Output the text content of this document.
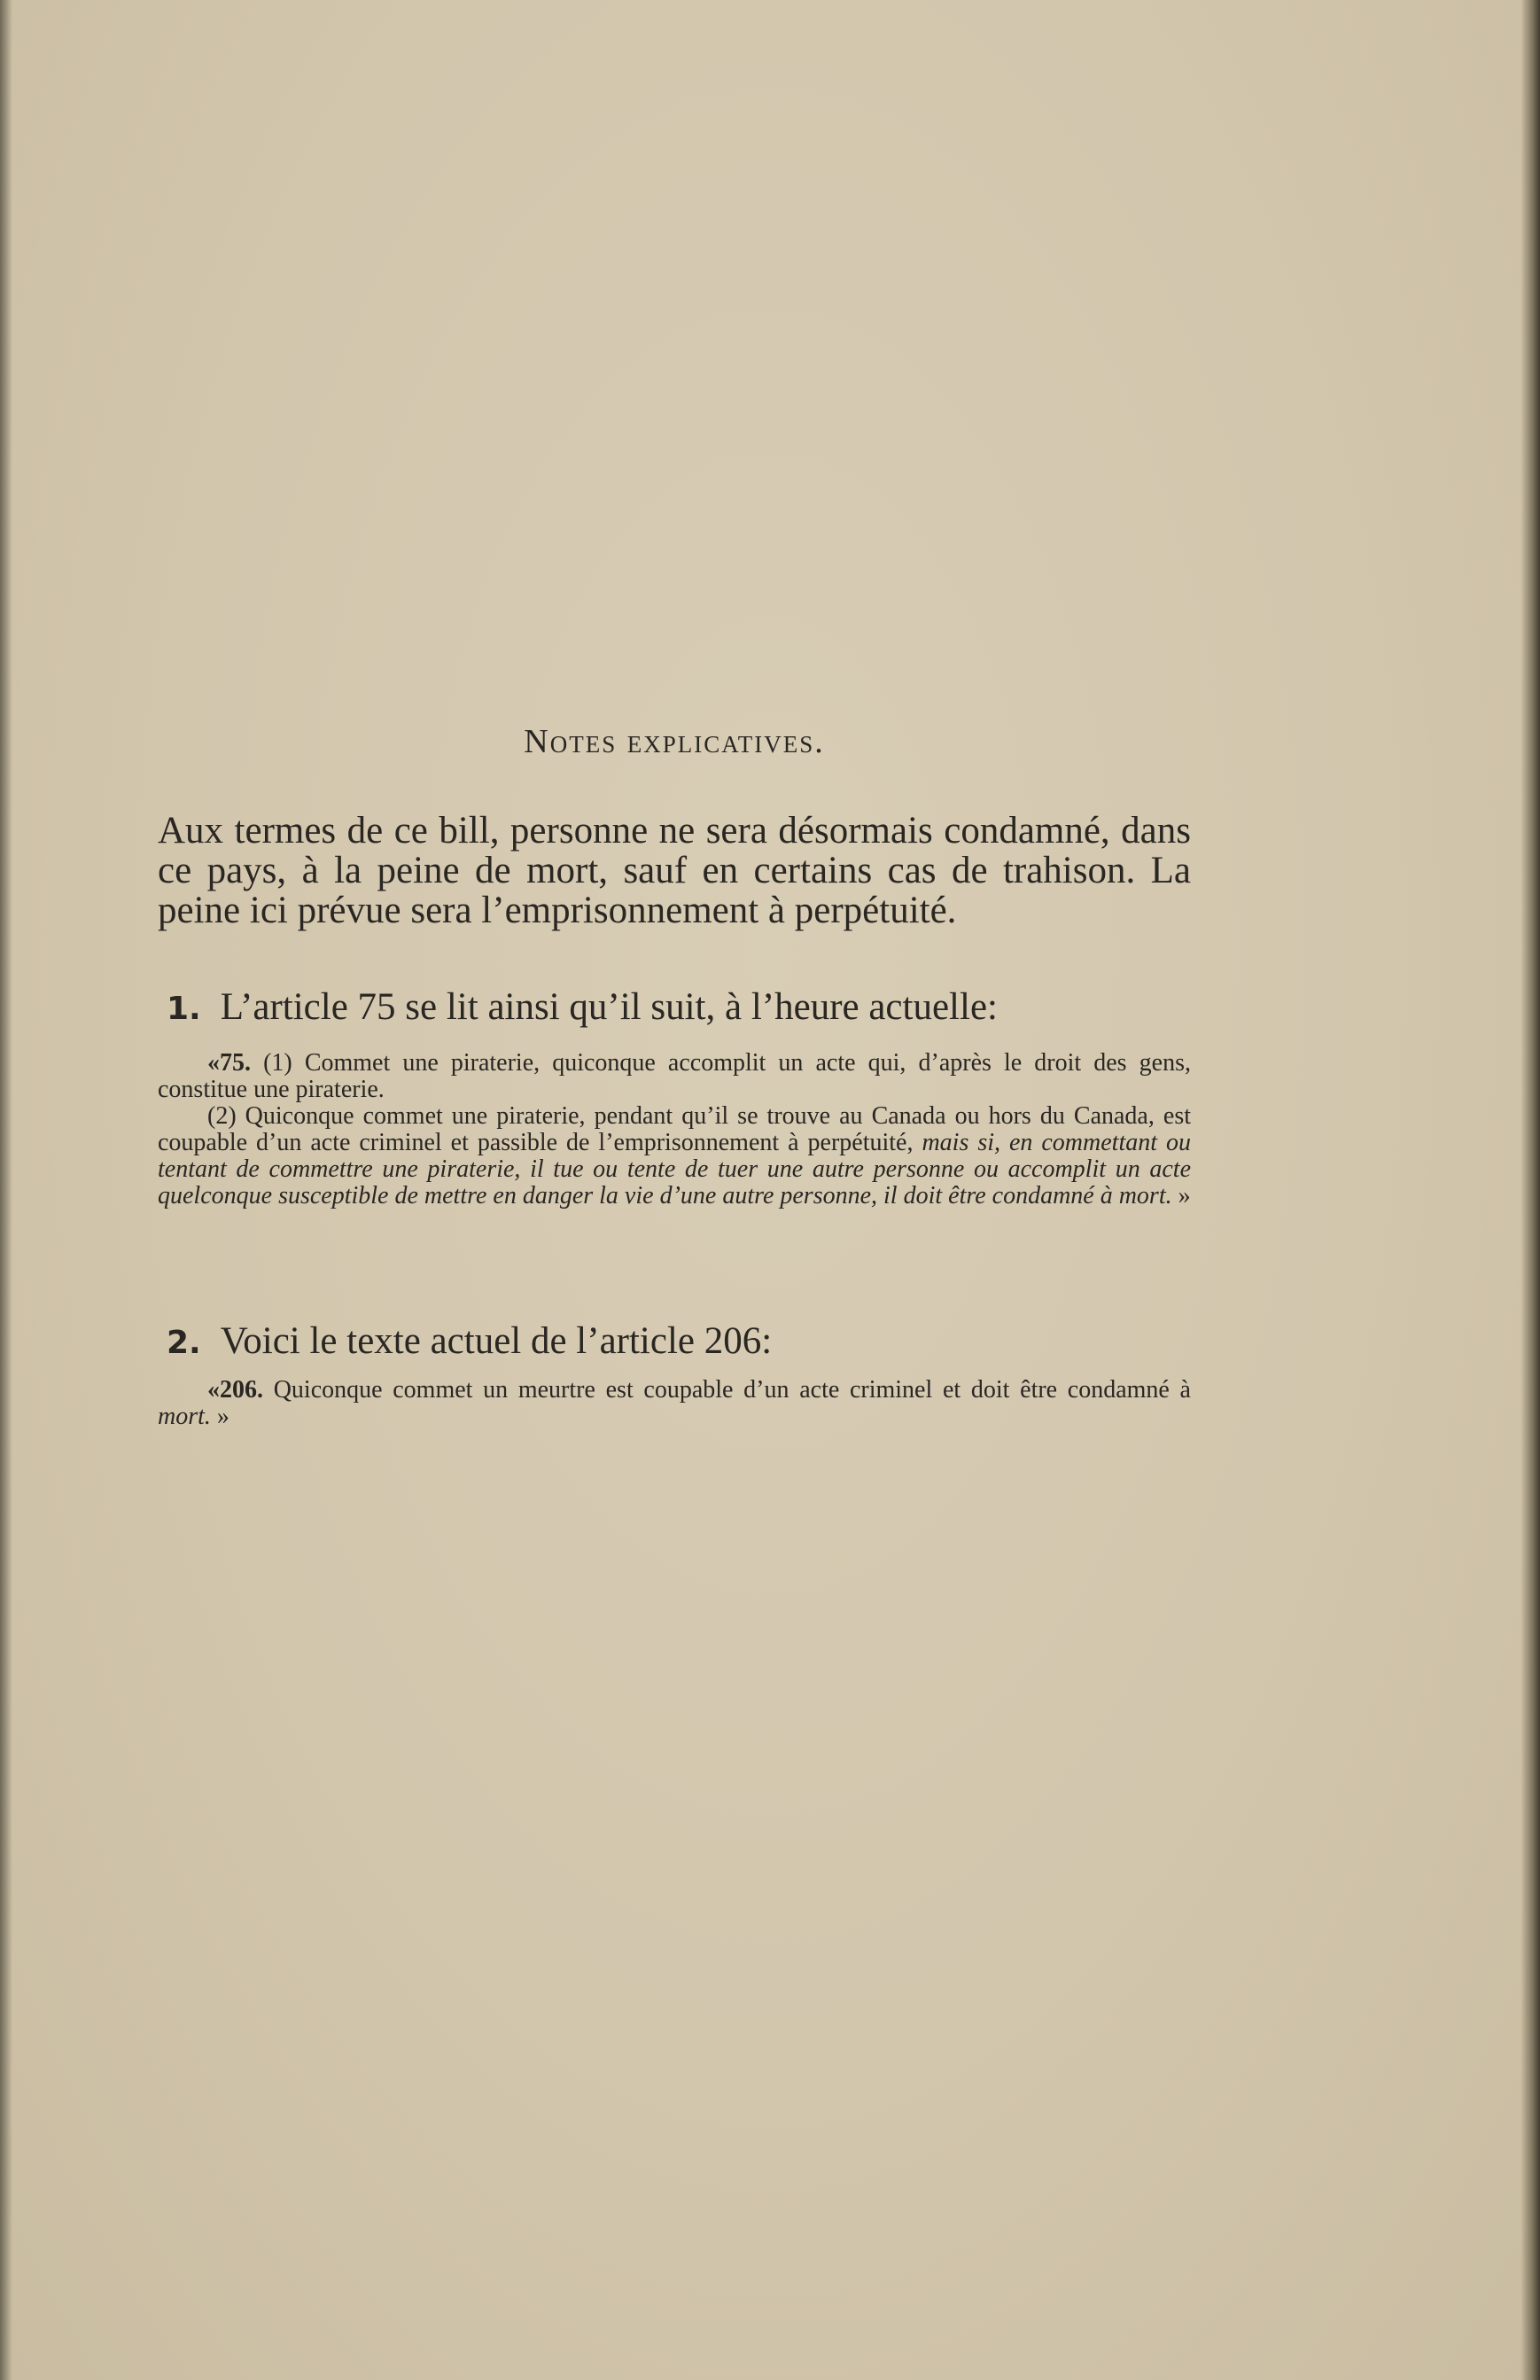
Notes explicatives.

Aux termes de ce bill, personne ne sera désormais condamné, dans ce pays, à la peine de mort, sauf en certains cas de trahison. La peine ici prévue sera l’emprisonnement à perpétuité.

1. L’article 75 se lit ainsi qu’il suit, à l’heure actuelle:

«75. (1) Commet une piraterie, quiconque accomplit un acte qui, d’après le droit des gens, constitue une piraterie.

(2) Quiconque commet une piraterie, pendant qu’il se trouve au Canada ou hors du Canada, est coupable d’un acte criminel et passible de l’emprisonnement à perpétuité, mais si, en commettant ou tentant de commettre une piraterie, il tue ou tente de tuer une autre personne ou accomplit un acte quelconque susceptible de mettre en danger la vie d’une autre personne, il doit être condamné à mort. »

2. Voici le texte actuel de l’article 206:

«206. Quiconque commet un meurtre est coupable d’un acte criminel et doit être condamné à mort. »
